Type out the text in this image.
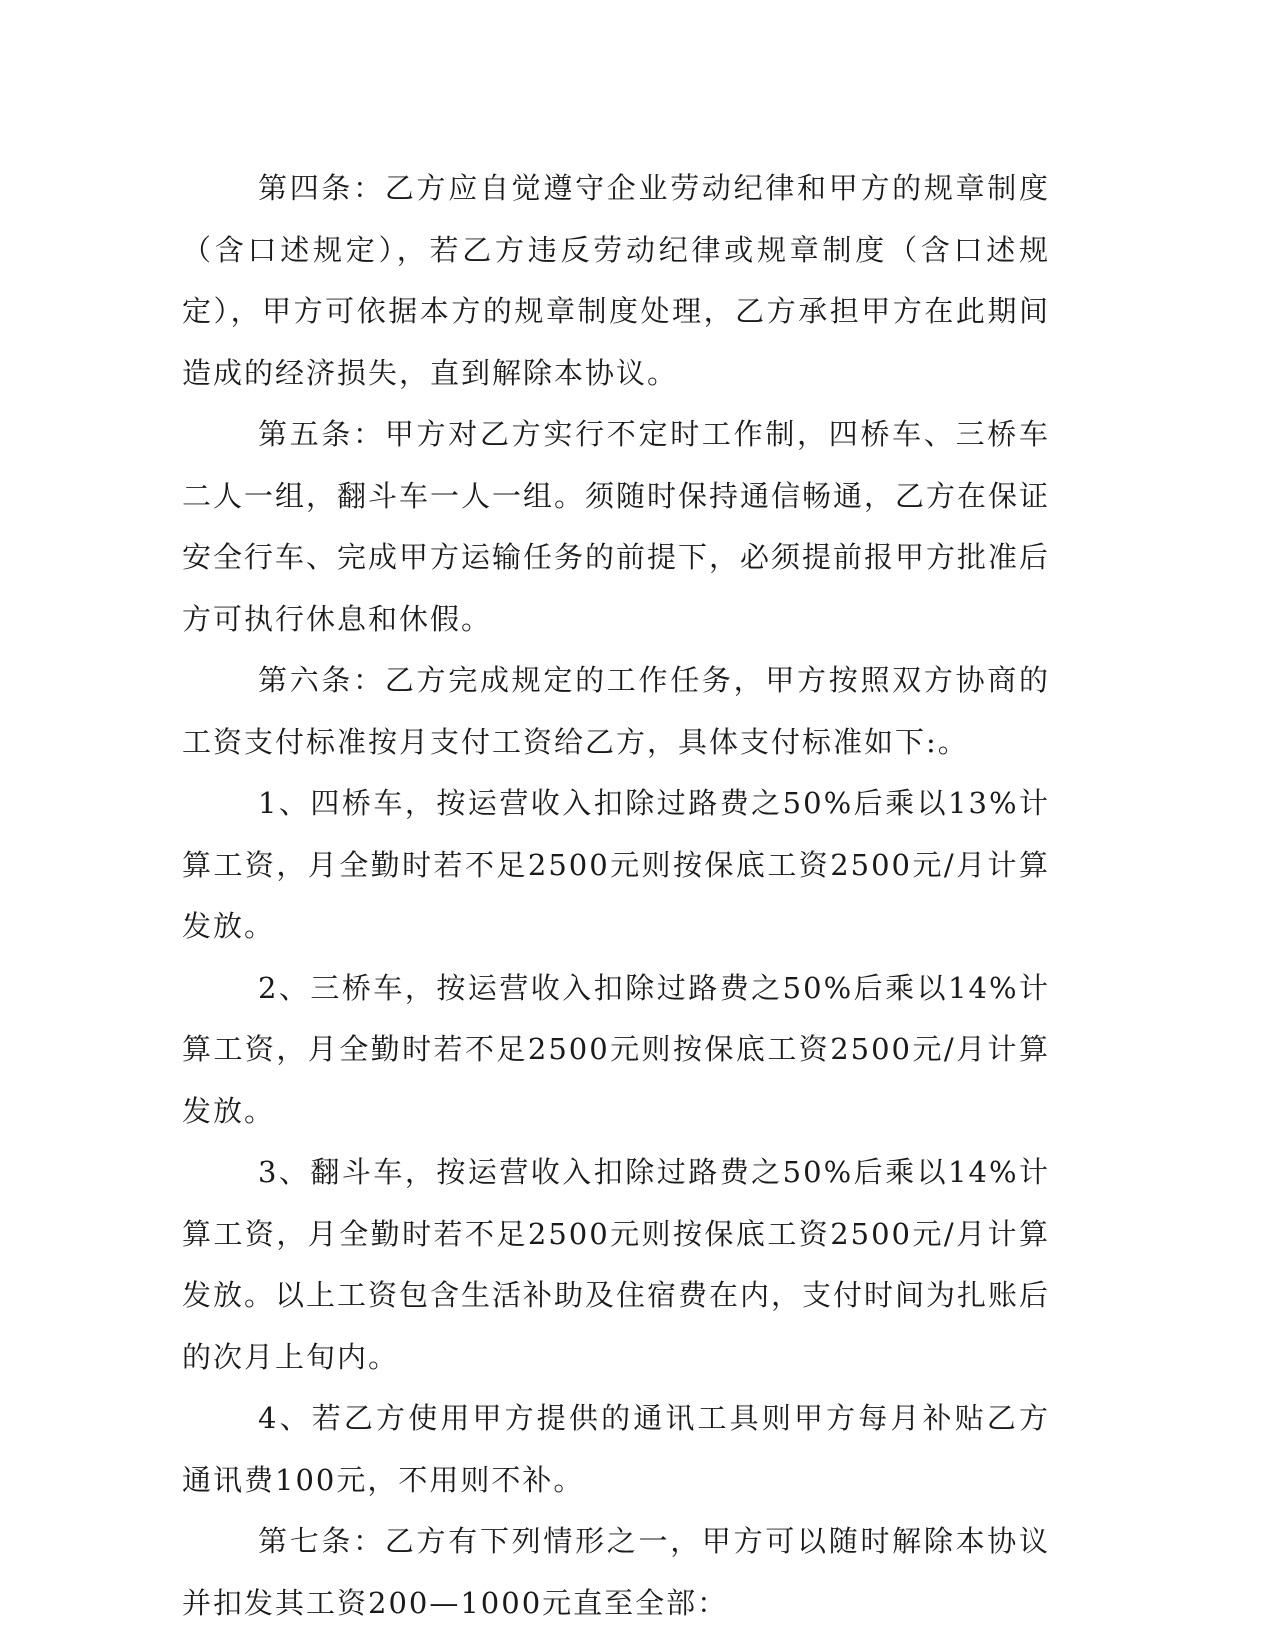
第四条：乙方应自觉遵守企业劳动纪律和甲方的规章制度（含口述规定），若乙方违反劳动纪律或规章制度（含口述规定），甲方可依据本方的规章制度处理，乙方承担甲方在此期间造成的经济损失，直到解除本协议。

第五条：甲方对乙方实行不定时工作制，四桥车、三桥车二人一组，翻斗车一人一组。须随时保持通信畅通，乙方在保证安全行车、完成甲方运输任务的前提下，必须提前报甲方批准后方可执行休息和休假。

第六条：乙方完成规定的工作任务，甲方按照双方协商的工资支付标准按月支付工资给乙方，具体支付标准如下:。

1、四桥车，按运营收入扣除过路费之50%后乘以13%计算工资，月全勤时若不足2500元则按保底工资2500元/月计算发放。

2、三桥车，按运营收入扣除过路费之50%后乘以14%计算工资，月全勤时若不足2500元则按保底工资2500元/月计算发放。

3、翻斗车，按运营收入扣除过路费之50%后乘以14%计算工资，月全勤时若不足2500元则按保底工资2500元/月计算发放。以上工资包含生活补助及住宿费在内，支付时间为扎账后的次月上旬内。

4、若乙方使用甲方提供的通讯工具则甲方每月补贴乙方通讯费100元，不用则不补。

第七条：乙方有下列情形之一，甲方可以随时解除本协议并扣发其工资200—1000元直至全部：
